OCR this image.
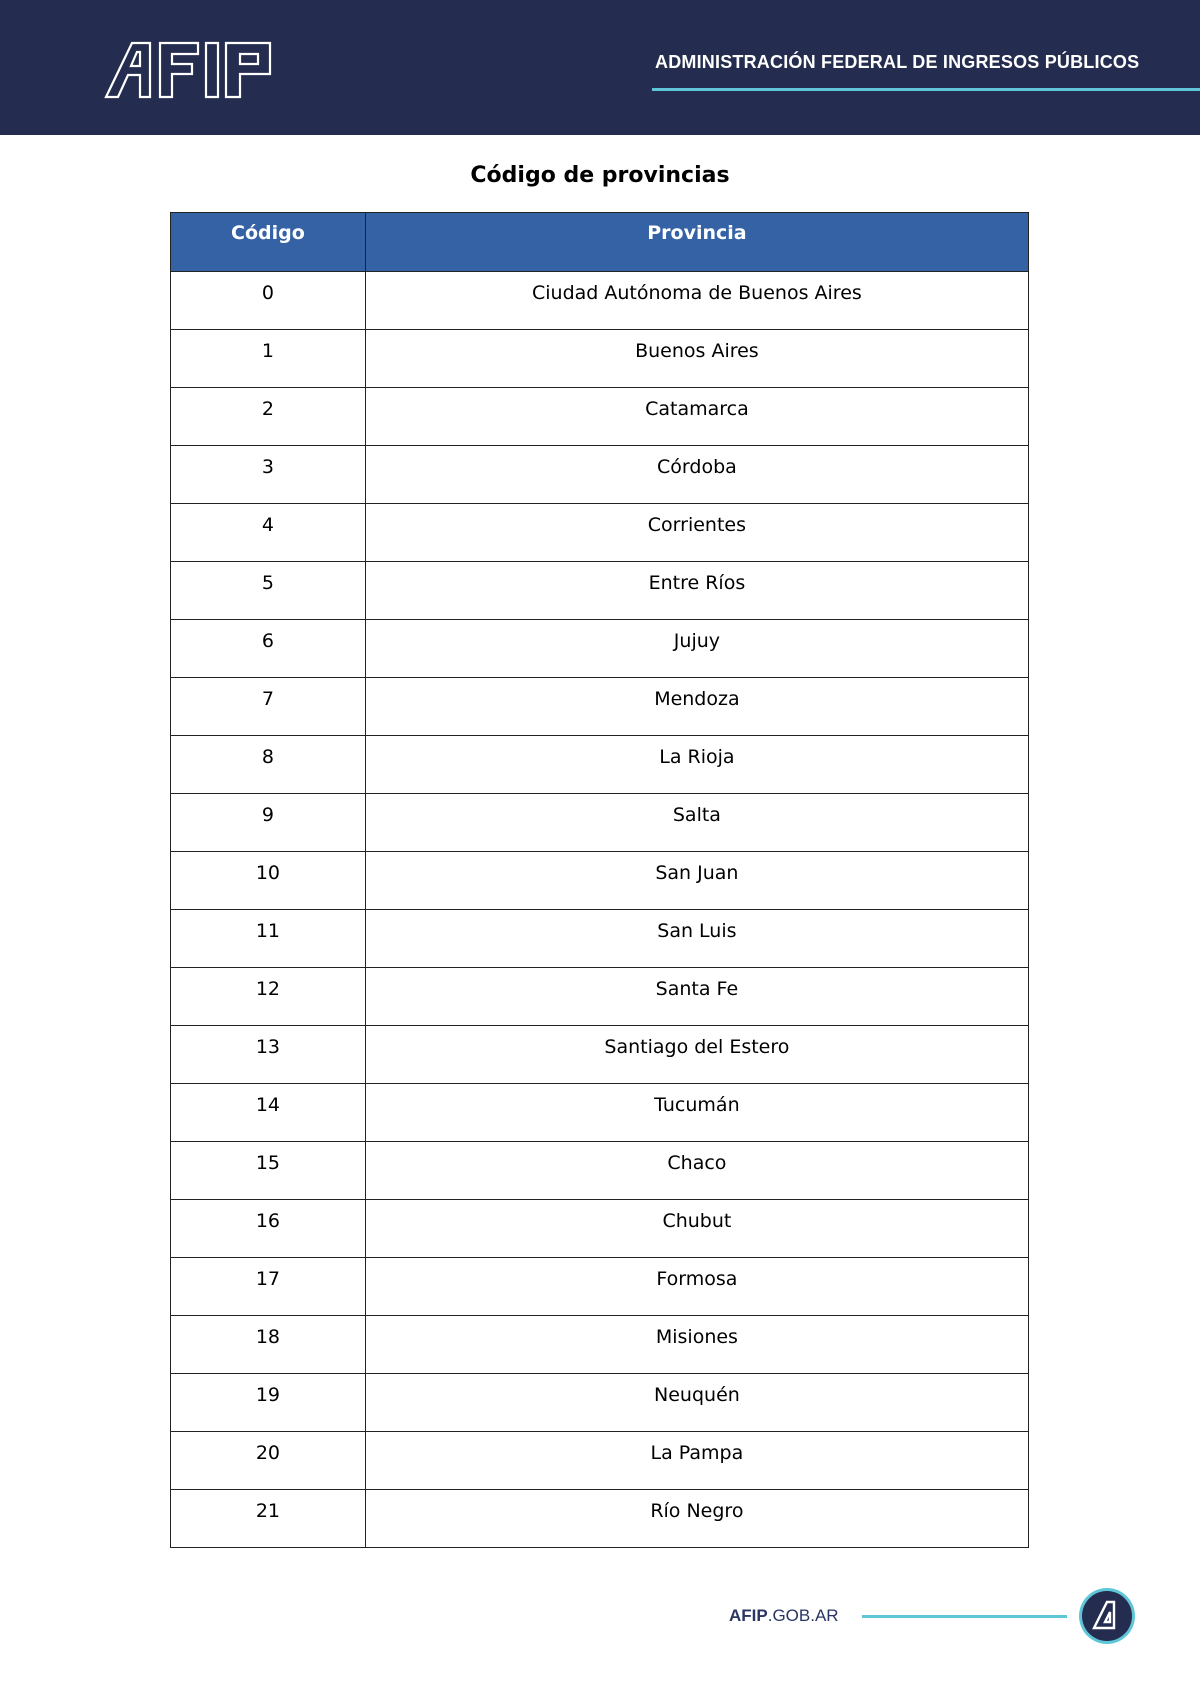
ADMINISTRACIÓN FEDERAL DE INGRESOS PÚBLICOS
Código de provincias
Código	Provincia
0	Ciudad Autónoma de Buenos Aires
1	Buenos Aires
2	Catamarca
3	Córdoba
4	Corrientes
5	Entre Ríos
6	Jujuy
7	Mendoza
8	La Rioja
9	Salta
10	San Juan
11	San Luis
12	Santa Fe
13	Santiago del Estero
14	Tucumán
15	Chaco
16	Chubut
17	Formosa
18	Misiones
19	Neuquén
20	La Pampa
21	Río Negro
AFIP.GOB.AR
